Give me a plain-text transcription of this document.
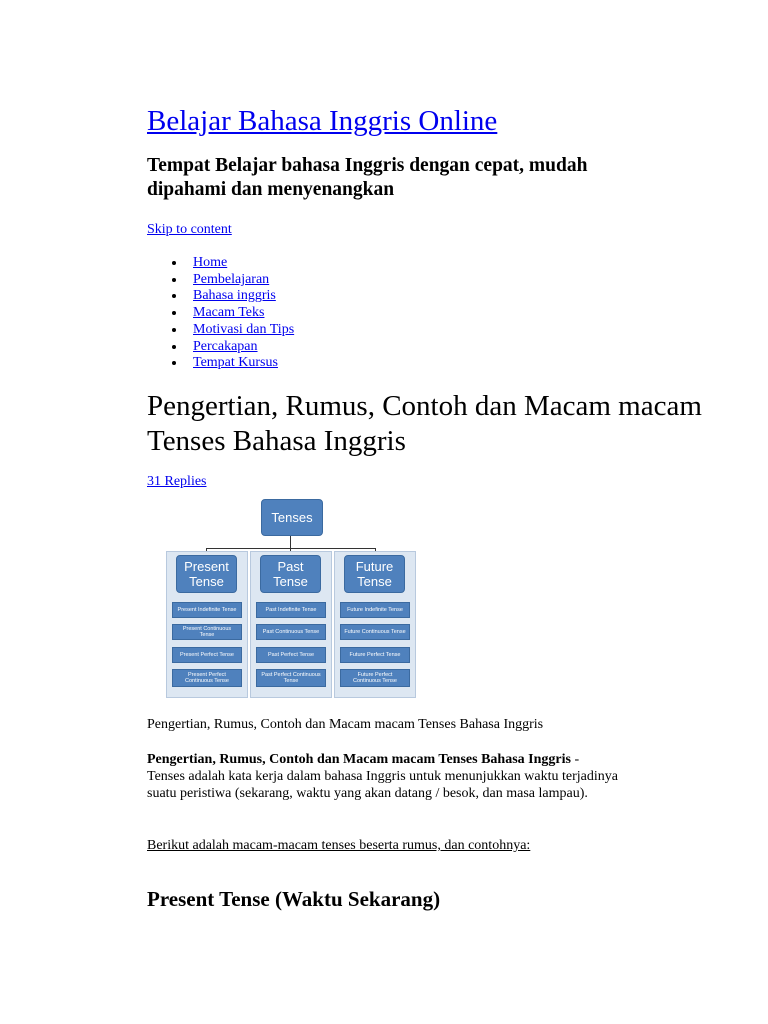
Belajar Bahasa Inggris Online

Tempat Belajar bahasa Inggris dengan cepat, mudah dipahami dan menyenangkan

Skip to content
Home
Pembelajaran
Bahasa inggris
Macam Teks
Motivasi dan Tips
Percakapan
Tempat Kursus
Pengertian, Rumus, Contoh dan Macam macam Tenses Bahasa Inggris
31 Replies
Tenses
Present Tense
Past Tense
Future Tense
Present Indefinite Tense
Present Continuous Tense
Present Perfect Tense
Present Perfect Continuous Tense
Past Indefinite Tense
Past Continuous Tense
Past Perfect Tense
Past Perfect Continuous Tense
Future Indefinite Tense
Future Continuous Tense
Future Perfect Tense
Future Perfect Continuous Tense
Pengertian, Rumus, Contoh dan Macam macam Tenses Bahasa Inggris

Pengertian, Rumus, Contoh dan Macam macam Tenses Bahasa Inggris -
Tenses adalah kata kerja dalam bahasa Inggris untuk menunjukkan waktu terjadinya suatu peristiwa (sekarang, waktu yang akan datang / besok, dan masa lampau).

Berikut adalah macam-macam tenses beserta rumus, dan contohnya:
Present Tense (Waktu Sekarang)
